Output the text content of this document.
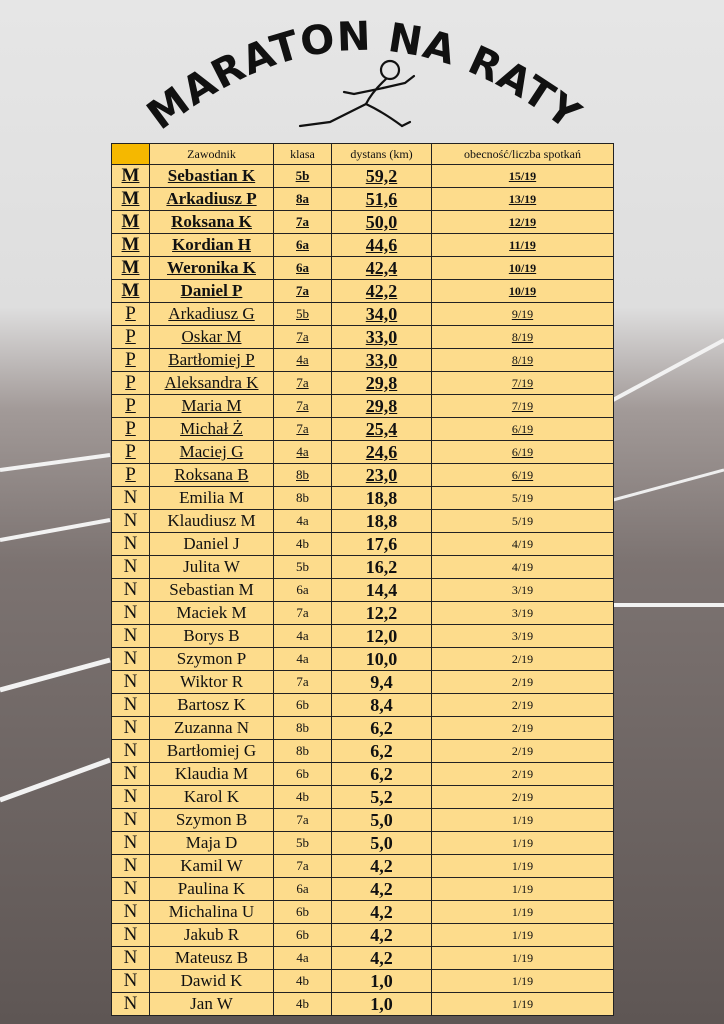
MARATON NA RATY
	Zawodnik	klasa	dystans (km)	obecność/liczba spotkań
M	Sebastian K	5b	59,2	15/19
M	Arkadiusz P	8a	51,6	13/19
M	Roksana K	7a	50,0	12/19
M	Kordian H	6a	44,6	11/19
M	Weronika K	6a	42,4	10/19
M	Daniel P	7a	42,2	10/19
P	Arkadiusz G	5b	34,0	9/19
P	Oskar M	7a	33,0	8/19
P	Bartłomiej P	4a	33,0	8/19
P	Aleksandra K	7a	29,8	7/19
P	Maria M	7a	29,8	7/19
P	Michał Ż	7a	25,4	6/19
P	Maciej G	4a	24,6	6/19
P	Roksana B	8b	23,0	6/19
N	Emilia M	8b	18,8	5/19
N	Klaudiusz M	4a	18,8	5/19
N	Daniel J	4b	17,6	4/19
N	Julita W	5b	16,2	4/19
N	Sebastian M	6a	14,4	3/19
N	Maciek M	7a	12,2	3/19
N	Borys B	4a	12,0	3/19
N	Szymon P	4a	10,0	2/19
N	Wiktor R	7a	9,4	2/19
N	Bartosz K	6b	8,4	2/19
N	Zuzanna N	8b	6,2	2/19
N	Bartłomiej G	8b	6,2	2/19
N	Klaudia M	6b	6,2	2/19
N	Karol K	4b	5,2	2/19
N	Szymon B	7a	5,0	1/19
N	Maja D	5b	5,0	1/19
N	Kamil W	7a	4,2	1/19
N	Paulina K	6a	4,2	1/19
N	Michalina U	6b	4,2	1/19
N	Jakub R	6b	4,2	1/19
N	Mateusz B	4a	4,2	1/19
N	Dawid K	4b	1,0	1/19
N	Jan W	4b	1,0	1/19
